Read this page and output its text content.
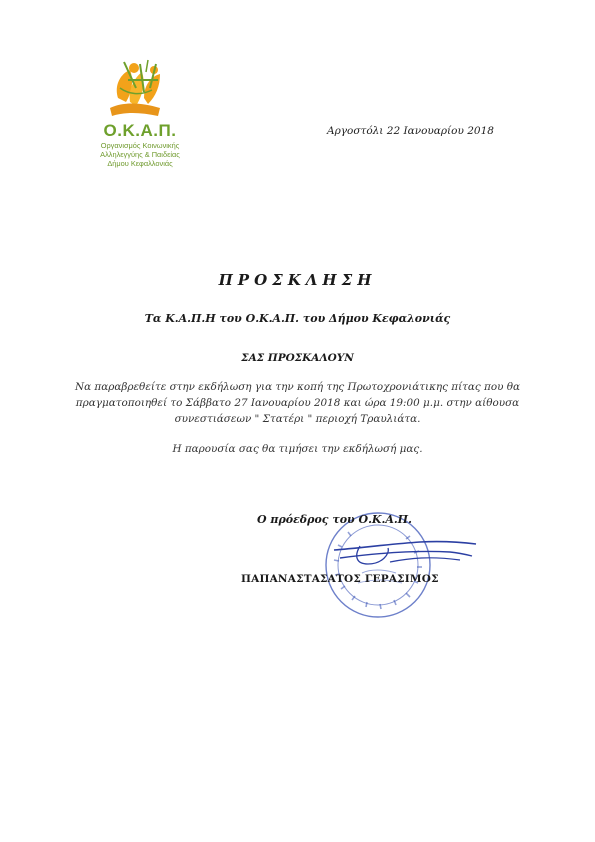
Ο.Κ.Α.Π.
Οργανισμός Κοινωνικής
Αλληλεγγύης & Παιδείας
Δήμου Κεφαλλονιάς
Αργοστόλι 22 Ιανουαρίου 2018
ΠΡΟΣΚΛΗΣΗ
Τα Κ.Α.Π.Η του Ο.Κ.Α.Π. του Δήμου Κεφαλονιάς
ΣΑΣ ΠΡΟΣΚΑΛΟΥΝ
Να παραβρεθείτε στην εκδήλωση για την κοπή της Πρωτοχρονιάτικης πίτας που θα
πραγματοποιηθεί το Σάββατο 27 Ιανουαρίου 2018 και ώρα 19:00 μ.μ. στην αίθουσα
συνεστιάσεων " Στατέρι " περιοχή Τραυλιάτα.
Η παρουσία σας θα τιμήσει την εκδήλωσή μας.
Ο πρόεδρος του Ο.Κ.Α.Π.
ΠΑΠΑΝΑΣΤΑΣΑΤΟΣ ΓΕΡΑΣΙΜΟΣ
